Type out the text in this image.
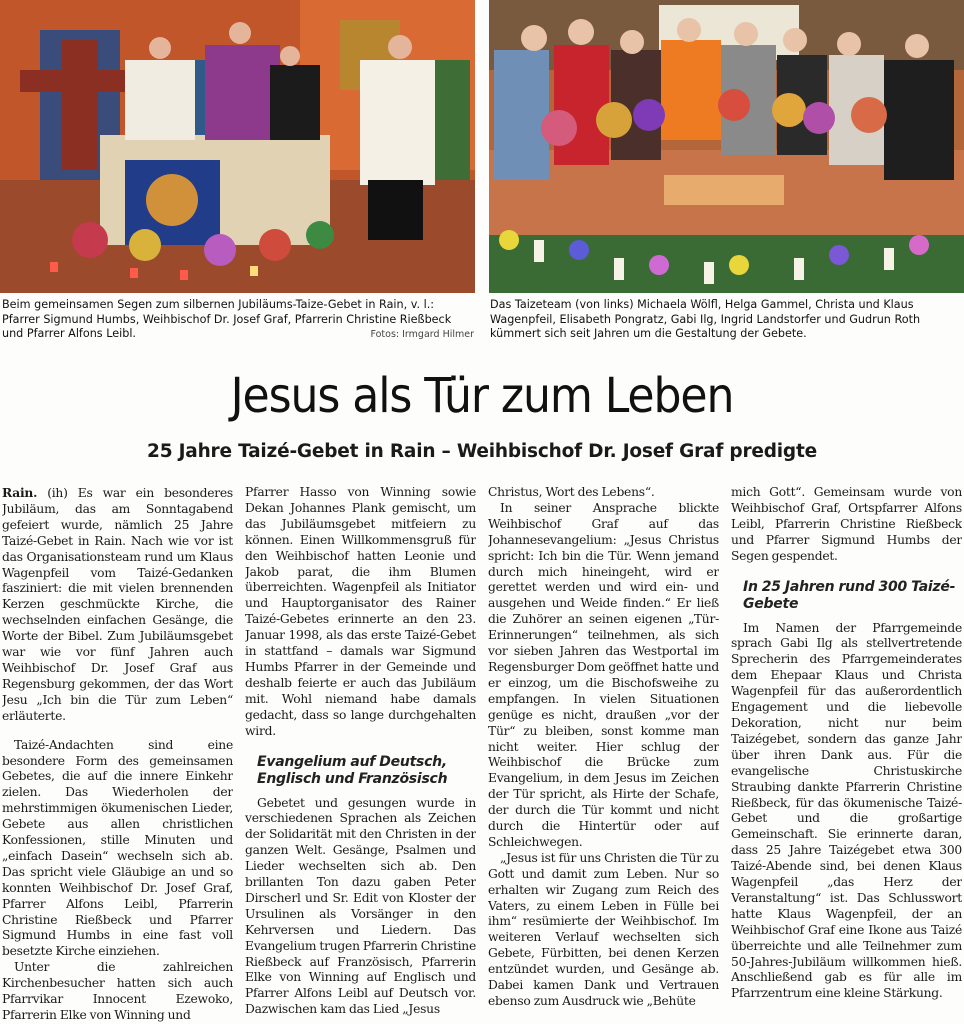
Beim gemeinsamen Segen zum silbernen Jubiläums-Taize-Gebet in Rain, v. l.: Pfarrer Sigmund Humbs, Weihbischof Dr. Josef Graf, Pfarrerin Christine Rießbeck und Pfarrer Alfons Leibl.	Fotos: Irmgard Hilmer
Das Taizeteam (von links) Michaela Wölfl, Helga Gammel, Christa und Klaus Wagenpfeil, Elisabeth Pongratz, Gabi Ilg, Ingrid Landstorfer und Gudrun Roth kümmert sich seit Jahren um die Gestaltung der Gebete.
Jesus als Tür zum Leben
25 Jahre Taizé-Gebet in Rain – Weihbischof Dr. Josef Graf predigte

Rain. (ih) Es war ein besonderes Jubiläum, das am Sonntagabend gefeiert wurde, nämlich 25 Jahre Taizé-Gebet in Rain. Nach wie vor ist das Organisationsteam rund um Klaus Wagenpfeil vom Taizé-Gedanken fasziniert: die mit vielen brennenden Kerzen geschmückte Kirche, die wechselnden einfachen Gesänge, die Worte der Bibel. Zum Jubiläumsgebet war wie vor fünf Jahren auch Weihbischof Dr. Josef Graf aus Regensburg gekommen, der das Wort Jesu „Ich bin die Tür zum Leben“ erläuterte.

Taizé-Andachten sind eine besondere Form des gemeinsamen Gebetes, die auf die innere Einkehr zielen. Das Wiederholen der mehrstimmigen ökumenischen Lieder, Gebete aus allen christlichen Konfessionen, stille Minuten und „einfach Dasein“ wechseln sich ab. Das spricht viele Gläubige an und so konnten Weihbischof Dr. Josef Graf, Pfarrer Alfons Leibl, Pfarrerin Christine Rießbeck und Pfarrer Sigmund Humbs in eine fast voll besetzte Kirche einziehen.

Unter die zahlreichen Kirchenbesucher hatten sich auch Pfarrvikar Innocent Ezewoko, Pfarrerin Elke von Winning und

Pfarrer Hasso von Winning sowie Dekan Johannes Plank gemischt, um das Jubiläumsgebet mitfeiern zu können. Einen Willkommensgruß für den Weihbischof hatten Leonie und Jakob parat, die ihm Blumen überreichten. Wagenpfeil als Initiator und Hauptorganisator des Rainer Taizé-Gebetes erinnerte an den 23. Januar 1998, als das erste Taizé-Gebet in stattfand – damals war Sigmund Humbs Pfarrer in der Gemeinde und deshalb feierte er auch das Jubiläum mit. Wohl niemand habe damals gedacht, dass so lange durchgehalten wird.

Evangelium auf Deutsch, Englisch und Französisch

Gebetet und gesungen wurde in verschiedenen Sprachen als Zeichen der Solidarität mit den Christen in der ganzen Welt. Gesänge, Psalmen und Lieder wechselten sich ab. Den brillanten Ton dazu gaben Peter Dirscherl und Sr. Edit von Kloster der Ursulinen als Vorsänger in den Kehrversen und Liedern. Das Evangelium trugen Pfarrerin Christine Rießbeck auf Französisch, Pfarrerin Elke von Winning auf Englisch und Pfarrer Alfons Leibl auf Deutsch vor. Dazwischen kam das Lied „Jesus

Christus, Wort des Lebens“.

In seiner Ansprache blickte Weihbischof Graf auf das Johannesevangelium: „Jesus Christus spricht: Ich bin die Tür. Wenn jemand durch mich hineingeht, wird er gerettet werden und wird ein- und ausgehen und Weide finden.“ Er ließ die Zuhörer an seinen eigenen „Tür-Erinnerungen“ teilnehmen, als sich vor sieben Jahren das Westportal im Regensburger Dom geöffnet hatte und er einzog, um die Bischofsweihe zu empfangen. In vielen Situationen genüge es nicht, draußen „vor der Tür“ zu bleiben, sonst komme man nicht weiter. Hier schlug der Weihbischof die Brücke zum Evangelium, in dem Jesus im Zeichen der Tür spricht, als Hirte der Schafe, der durch die Tür kommt und nicht durch die Hintertür oder auf Schleichwegen.

„Jesus ist für uns Christen die Tür zu Gott und damit zum Leben. Nur so erhalten wir Zugang zum Reich des Vaters, zu einem Leben in Fülle bei ihm“ resümierte der Weihbischof. Im weiteren Verlauf wechselten sich Gebete, Fürbitten, bei denen Kerzen entzündet wurden, und Gesänge ab. Dabei kamen Dank und Vertrauen ebenso zum Ausdruck wie „Behüte

mich Gott“. Gemeinsam wurde von Weihbischof Graf, Ortspfarrer Alfons Leibl, Pfarrerin Christine Rießbeck und Pfarrer Sigmund Humbs der Segen gespendet.

In 25 Jahren rund 300 Taizé-Gebete

Im Namen der Pfarrgemeinde sprach Gabi Ilg als stellvertretende Sprecherin des Pfarrgemeinderates dem Ehepaar Klaus und Christa Wagenpfeil für das außerordentlich Engagement und die liebevolle Dekoration, nicht nur beim Taizégebet, sondern das ganze Jahr über ihren Dank aus. Für die evangelische Christuskirche Straubing dankte Pfarrerin Christine Rießbeck, für das ökumenische Taizé-Gebet und die großartige Gemeinschaft. Sie erinnerte daran, dass 25 Jahre Taizégebet etwa 300 Taizé-Abende sind, bei denen Klaus Wagenpfeil „das Herz der Veranstaltung“ ist. Das Schlusswort hatte Klaus Wagenpfeil, der an Weihbischof Graf eine Ikone aus Taizé überreichte und alle Teilnehmer zum 50-Jahres-Jubiläum willkommen hieß. Anschließend gab es für alle im Pfarrzentrum eine kleine Stärkung.
